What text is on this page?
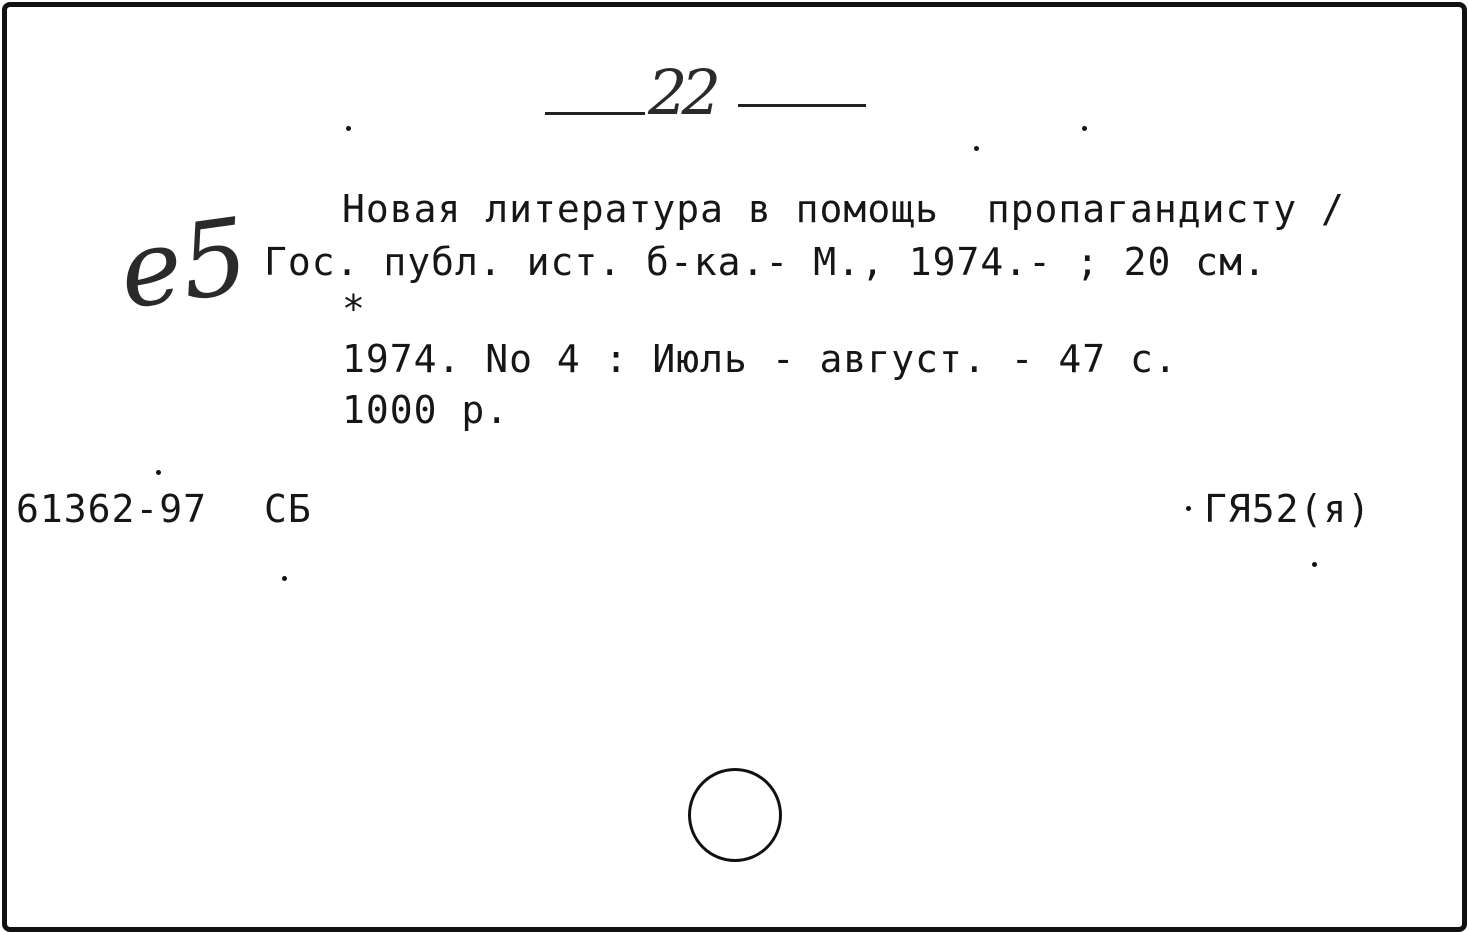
22
е5 Новая литература в помощь  пропагандисту /
Гос. публ. ист. б-ка.- М., 1974.- ; 20 см.
*
1974. No 4 : Июль - август. - 47 с.
1000 р.
61362-97 СБ	ГЯ52(я)
